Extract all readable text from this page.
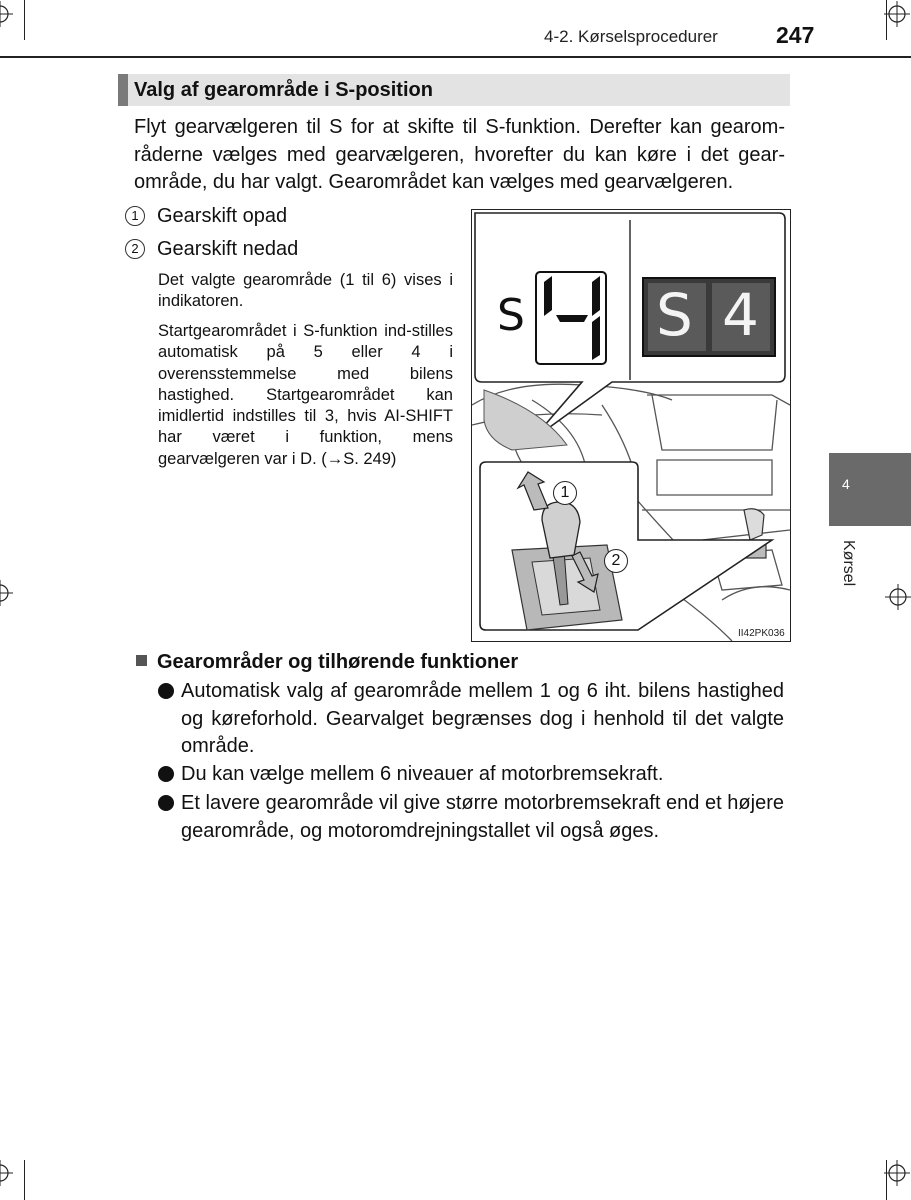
4-2. Kørselsprocedurer	247
Valg af gearområde i S-position
Flyt gearvælgeren til S for at skifte til S-funktion. Derefter kan gearom-råderne vælges med gearvælgeren, hvorefter du kan køre i det gear-område, du har valgt. Gearområdet kan vælges med gearvælgeren.
1 Gearskift opad
2 Gearskift nedad
Det valgte gearområde (1 til 6) vises i indikatoren.
Startgearområdet i S-funktion ind-stilles automatisk på 5 eller 4 i overensstemmelse med bilens hastighed. Startgearområdet kan imidlertid indstilles til 3, hvis AI-SHIFT har været i funktion, mens gearvælgeren var i D. (→S. 249)
S S 4
1
2
II42PK036
4
Kørsel
Gearområder og tilhørende funktioner
Automatisk valg af gearområde mellem 1 og 6 iht. bilens hastighed og køreforhold. Gearvalget begrænses dog i henhold til det valgte område.
Du kan vælge mellem 6 niveauer af motorbremsekraft.
Et lavere gearområde vil give større motorbremsekraft end et højere gearområde, og motoromdrejningstallet vil også øges.
